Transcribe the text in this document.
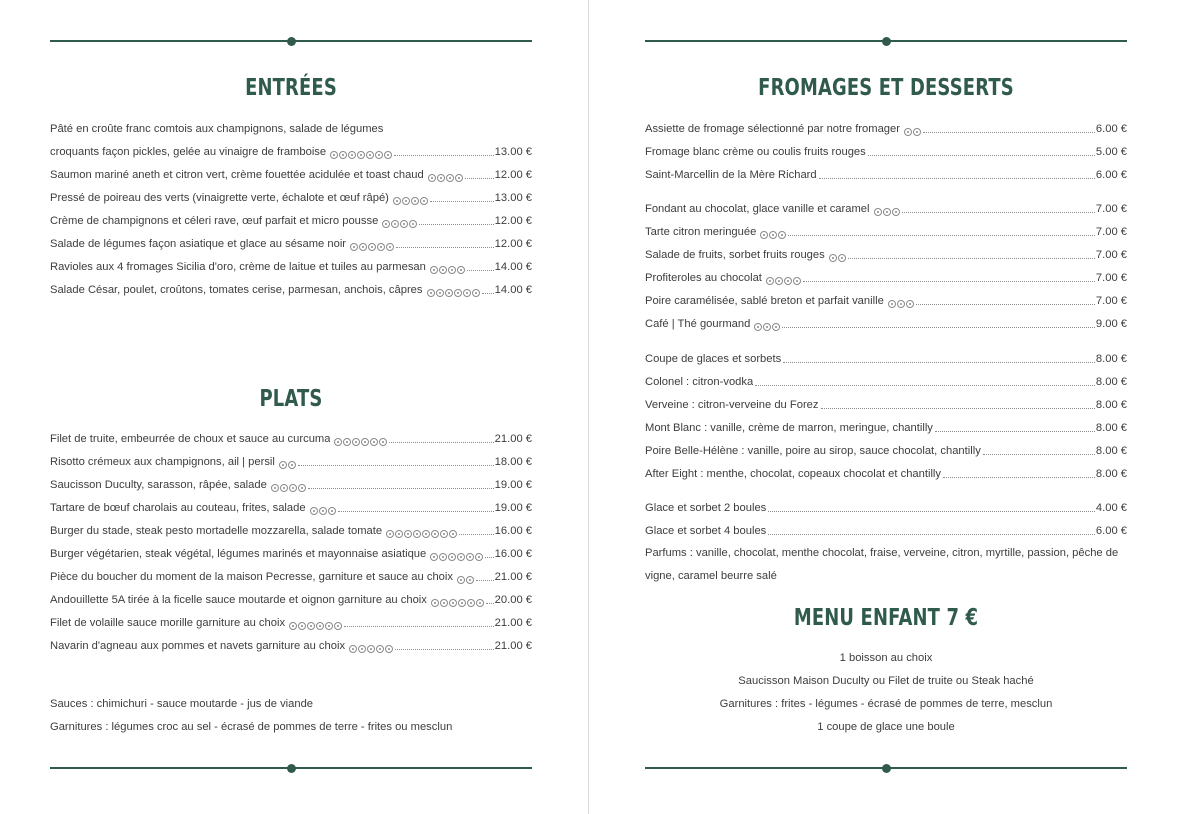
ENTRÉES
Pâté en croûte franc comtois aux champignons, salade de légumes
croquants façon pickles, gelée au vinaigre de framboise	13.00 €
Saumon mariné aneth et citron vert, crème fouettée acidulée et toast chaud	12.00 €
Pressé de poireau des verts (vinaigrette verte, échalote et œuf râpé)	13.00 €
Crème de champignons et céleri rave, œuf parfait et micro pousse	12.00 €
Salade de légumes façon asiatique et glace au sésame noir	12.00 €
Ravioles aux 4 fromages Sicilia d'oro, crème de laitue et tuiles au parmesan	14.00 €
Salade César, poulet, croûtons, tomates cerise, parmesan, anchois, câpres	14.00 €
PLATS
Filet de truite, embeurrée de choux et sauce au curcuma	21.00 €
Risotto crémeux aux champignons, ail | persil	18.00 €
Saucisson Duculty, sarasson, râpée, salade	19.00 €
Tartare de bœuf charolais au couteau, frites, salade	19.00 €
Burger du stade, steak pesto mortadelle mozzarella, salade tomate	16.00 €
Burger végétarien, steak végétal, légumes marinés et mayonnaise asiatique	16.00 €
Pièce du boucher du moment de la maison Pecresse, garniture et sauce au choix	21.00 €
Andouillette 5A tirée à la ficelle sauce moutarde et oignon garniture au choix	20.00 €
Filet de volaille sauce morille garniture au choix	21.00 €
Navarin d'agneau aux pommes et navets garniture au choix	21.00 €
Sauces : chimichuri - sauce moutarde - jus de viande
Garnitures : légumes croc au sel - écrasé de pommes de terre - frites ou mesclun
FROMAGES ET DESSERTS
Assiette de fromage sélectionné par notre fromager	6.00 €
Fromage blanc crème ou coulis fruits rouges	5.00 €
Saint-Marcellin de la Mère Richard	6.00 €
Fondant au chocolat, glace vanille et caramel	7.00 €
Tarte citron meringuée	7.00 €
Salade de fruits, sorbet fruits rouges	7.00 €
Profiteroles au chocolat	7.00 €
Poire caramélisée, sablé breton et parfait vanille	7.00 €
Café | Thé gourmand	9.00 €
Coupe de glaces et sorbets	8.00 €
Colonel : citron-vodka	8.00 €
Verveine : citron-verveine du Forez	8.00 €
Mont Blanc : vanille, crème de marron, meringue, chantilly	8.00 €
Poire Belle-Hélène : vanille, poire au sirop, sauce chocolat, chantilly	8.00 €
After Eight : menthe, chocolat, copeaux chocolat et chantilly	8.00 €
Glace et sorbet 2 boules	4.00 €
Glace et sorbet 4 boules	6.00 €
Parfums : vanille, chocolat, menthe chocolat, fraise, verveine, citron, myrtille, passion, pêche de vigne, caramel beurre salé
MENU ENFANT 7 €
1 boisson au choix
Saucisson Maison Duculty ou Filet de truite ou Steak haché
Garnitures : frites - légumes - écrasé de pommes de terre, mesclun
1 coupe de glace une boule
